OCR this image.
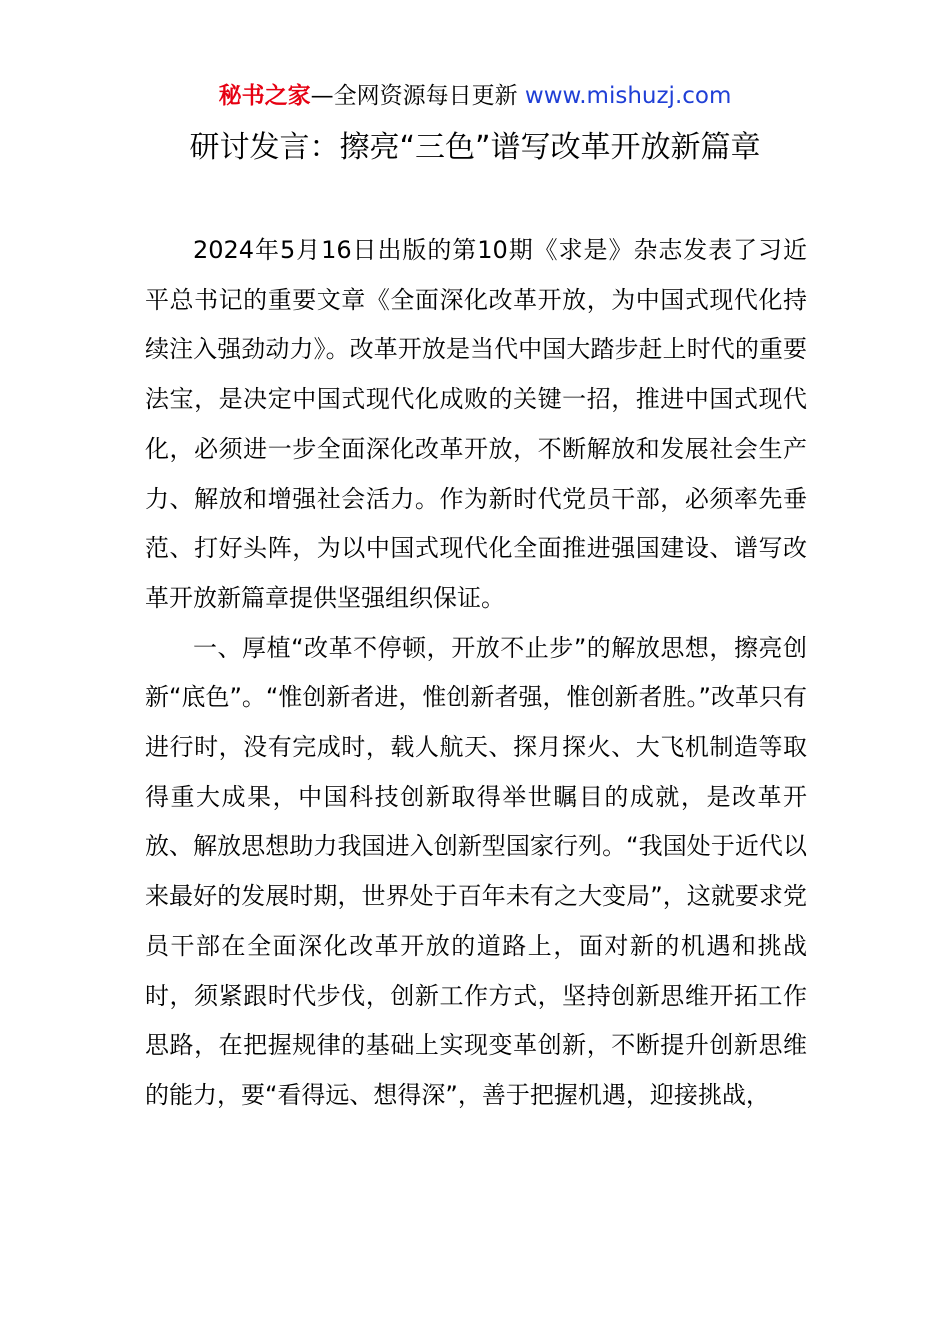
秘书之家—全网资源每日更新 www.mishuzj.com
研讨发言：擦亮“三色”谱写改革开放新篇章

2024年5月16日出版的第10期《求是》杂志发表了习近平总书记的重要文章《全面深化改革开放，为中国式现代化持续注入强劲动力》。改革开放是当代中国大踏步赶上时代的重要法宝，是决定中国式现代化成败的关键一招，推进中国式现代化，必须进一步全面深化改革开放，不断解放和发展社会生产力、解放和增强社会活力。作为新时代党员干部，必须率先垂范、打好头阵，为以中国式现代化全面推进强国建设、谱写改革开放新篇章提供坚强组织保证。

一、厚植“改革不停顿，开放不止步”的解放思想，擦亮创新“底色”。“惟创新者进，惟创新者强，惟创新者胜。”改革只有进行时，没有完成时，载人航天、探月探火、大飞机制造等取得重大成果，中国科技创新取得举世瞩目的成就，是改革开放、解放思想助力我国进入创新型国家行列。“我国处于近代以来最好的发展时期，世界处于百年未有之大变局”，这就要求党员干部在全面深化改革开放的道路上，面对新的机遇和挑战时，须紧跟时代步伐，创新工作方式，坚持创新思维开拓工作思路，在把握规律的基础上实现变革创新，不断提升创新思维的能力，要“看得远、想得深”，善于把握机遇，迎接挑战，
